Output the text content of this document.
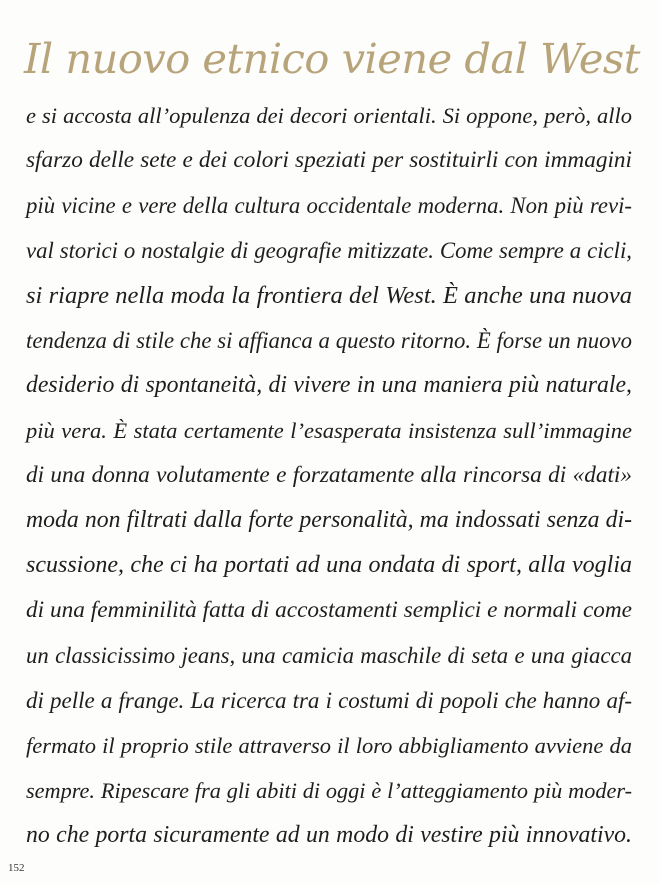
Il nuovo etnico viene dal West
e si accosta all’opulenza dei decori orientali. Si oppone, però, allo
sfarzo delle sete e dei colori speziati per sostituirli con immagini
più vicine e vere della cultura occidentale moderna. Non più revi-
val storici o nostalgie di geografie mitizzate. Come sempre a cicli,
si riapre nella moda la frontiera del West. È anche una nuova
tendenza di stile che si affianca a questo ritorno. È forse un nuovo
desiderio di spontaneità, di vivere in una maniera più naturale,
più vera. È stata certamente l’esasperata insistenza sull’immagine
di una donna volutamente e forzatamente alla rincorsa di «dati»
moda non filtrati dalla forte personalità, ma indossati senza di-
scussione, che ci ha portati ad una ondata di sport, alla voglia
di una femminilità fatta di accostamenti semplici e normali come
un classicissimo jeans, una camicia maschile di seta e una giacca
di pelle a frange. La ricerca tra i costumi di popoli che hanno af-
fermato il proprio stile attraverso il loro abbigliamento avviene da
sempre. Ripescare fra gli abiti di oggi è l’atteggiamento più moder-
no che porta sicuramente ad un modo di vestire più innovativo.
152
